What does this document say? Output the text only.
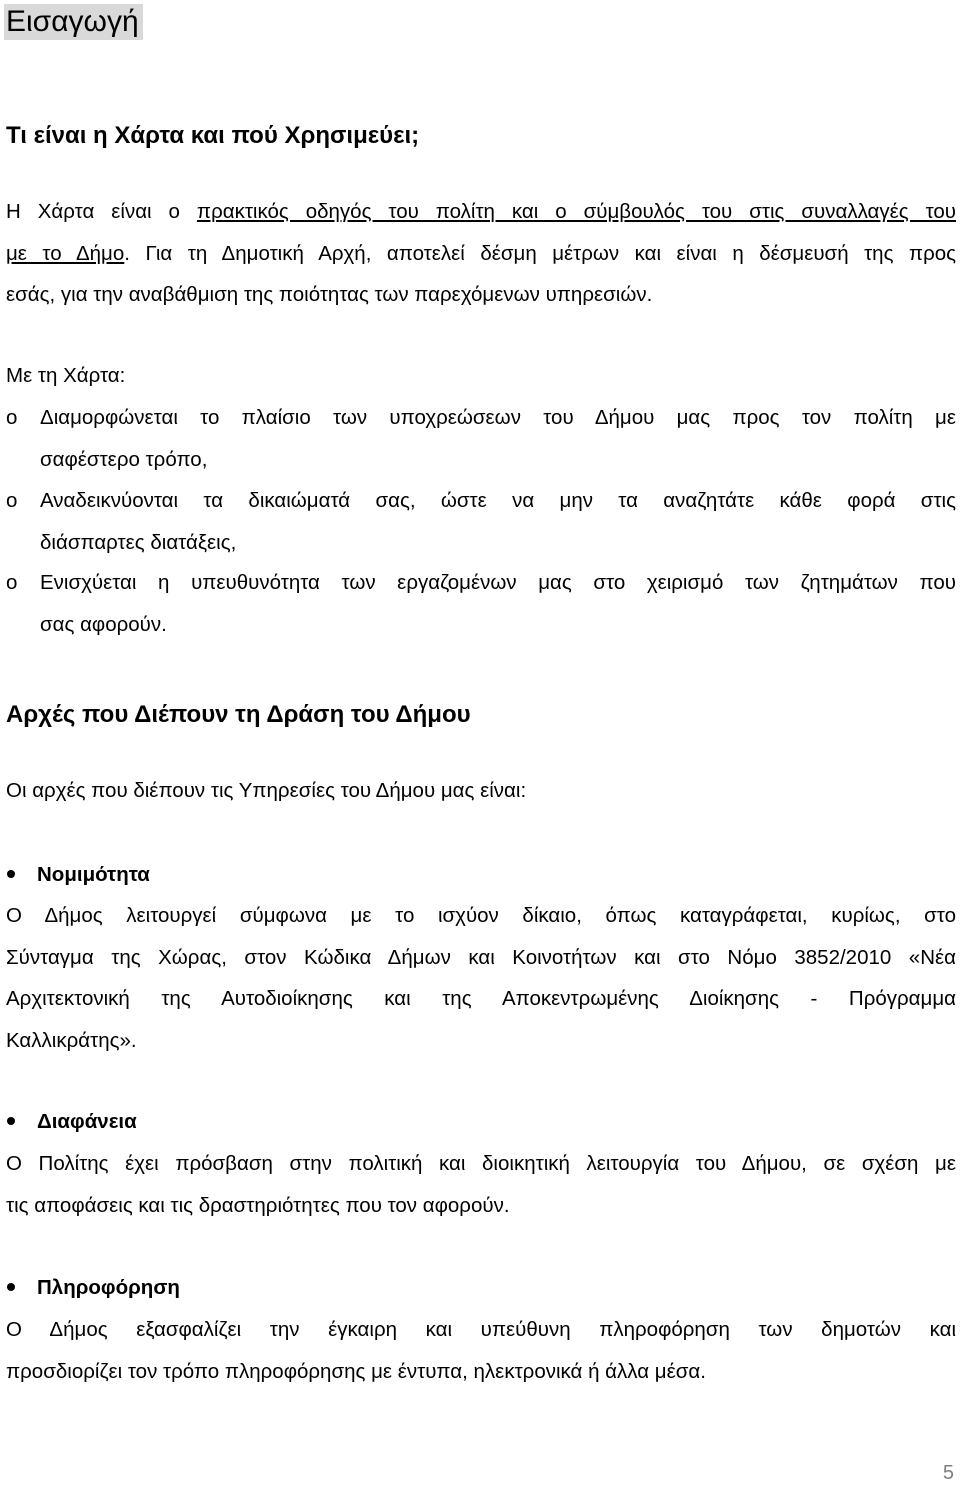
Εισαγωγή
Τι είναι η Χάρτα και πού Χρησιμεύει;

Η Χάρτα είναι ο πρακτικός οδηγός του πολίτη και ο σύμβουλός του στις συναλλαγές του
με το Δήμο. Για τη Δημοτική Αρχή, αποτελεί δέσμη μέτρων και είναι η δέσμευσή της προς
εσάς, για την αναβάθμιση της ποιότητας των παρεχόμενων υπηρεσιών.

Με τη Χάρτα:

o	Διαμορφώνεται το πλαίσιο των υποχρεώσεων του Δήμου μας προς τον πολίτη με
σαφέστερο τρόπο,
o	Αναδεικνύονται τα δικαιώματά σας, ώστε να μην τα αναζητάτε κάθε φορά στις
διάσπαρτες διατάξεις,
o	Ενισχύεται η υπευθυνότητα των εργαζομένων μας στο χειρισμό των ζητημάτων που
σας αφορούν.
Αρχές που Διέπουν τη Δράση του Δήμου

Οι αρχές που διέπουν τις Υπηρεσίες του Δήμου μας είναι:

Νομιμότητα

Ο Δήμος λειτουργεί σύμφωνα με το ισχύον δίκαιο, όπως καταγράφεται, κυρίως, στο
Σύνταγμα της Χώρας, στον Κώδικα Δήμων και Κοινοτήτων και στο Νόμο 3852/2010 «Νέα
Αρχιτεκτονική της Αυτοδιοίκησης και της Αποκεντρωμένης Διοίκησης - Πρόγραμμα
Καλλικράτης».

Διαφάνεια

Ο Πολίτης έχει πρόσβαση στην πολιτική και διοικητική λειτουργία του Δήμου, σε σχέση με
τις αποφάσεις και τις δραστηριότητες που τον αφορούν.

Πληροφόρηση

Ο Δήμος εξασφαλίζει την έγκαιρη και υπεύθυνη πληροφόρηση των δημοτών και
προσδιορίζει τον τρόπο πληροφόρησης με έντυπα, ηλεκτρονικά ή άλλα μέσα.

5
